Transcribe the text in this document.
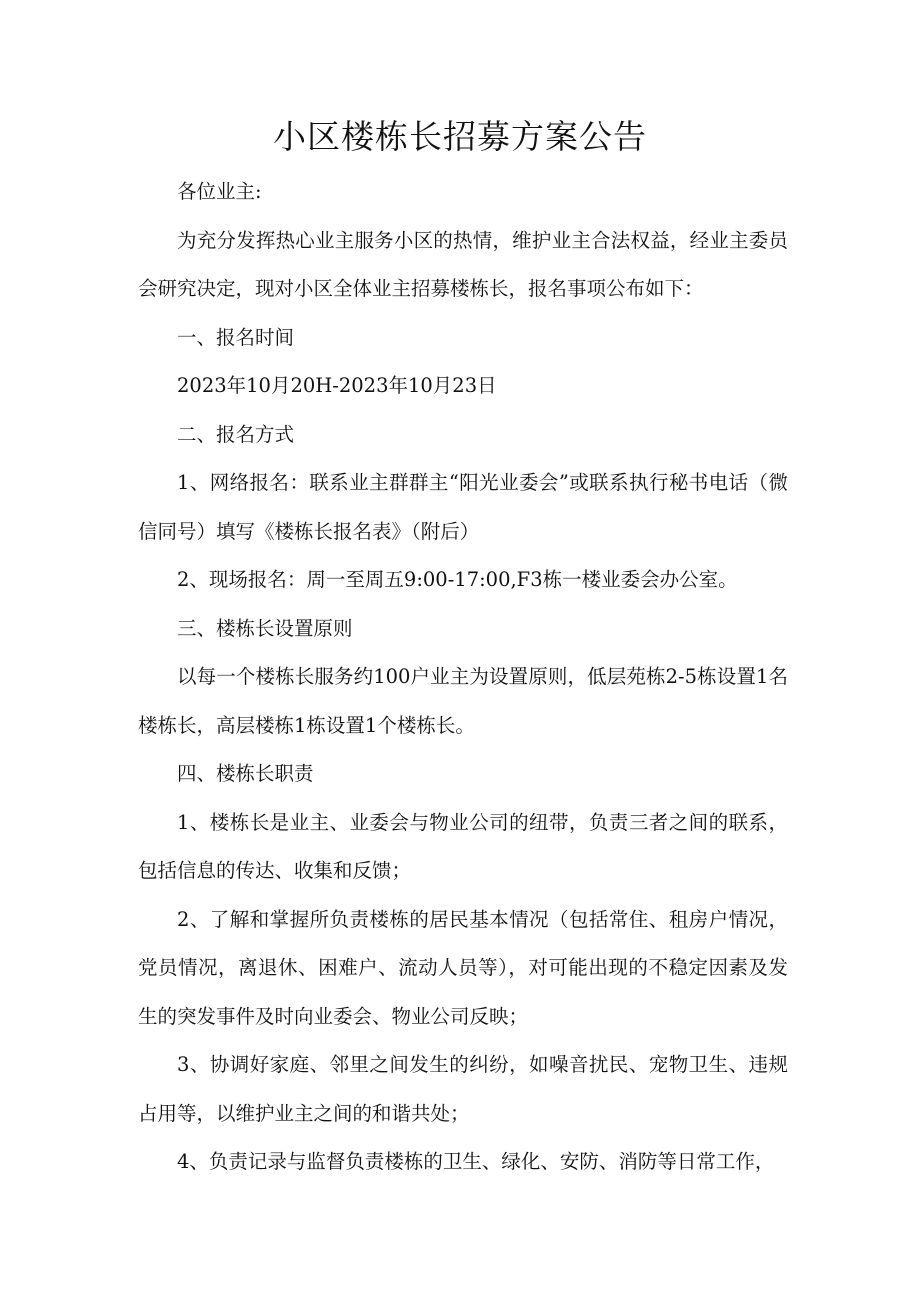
小区楼栋长招募方案公告

各位业主:

为充分发挥热心业主服务小区的热情，维护业主合法权益，经业主委员会研究决定，现对小区全体业主招募楼栋长，报名事项公布如下：

一、报名时间

2023年10月20H-2023年10月23日

二、报名方式

1、网络报名：联系业主群群主“阳光业委会”或联系执行秘书电话（微信同号）填写《楼栋长报名表》（附后）

2、现场报名：周一至周五9:00-17:00,F3栋一楼业委会办公室。

三、楼栋长设置原则

以每一个楼栋长服务约100户业主为设置原则，低层苑栋2-5栋设置1名楼栋长，高层楼栋1栋设置1个楼栋长。

四、楼栋长职责

1、楼栋长是业主、业委会与物业公司的纽带，负责三者之间的联系，包括信息的传达、收集和反馈；

2、了解和掌握所负责楼栋的居民基本情况（包括常住、租房户情况，党员情况，离退休、困难户、流动人员等），对可能出现的不稳定因素及发生的突发事件及时向业委会、物业公司反映；

3、协调好家庭、邻里之间发生的纠纷，如噪音扰民、宠物卫生、违规占用等，以维护业主之间的和谐共处；

4、负责记录与监督负责楼栋的卫生、绿化、安防、消防等日常工作，
